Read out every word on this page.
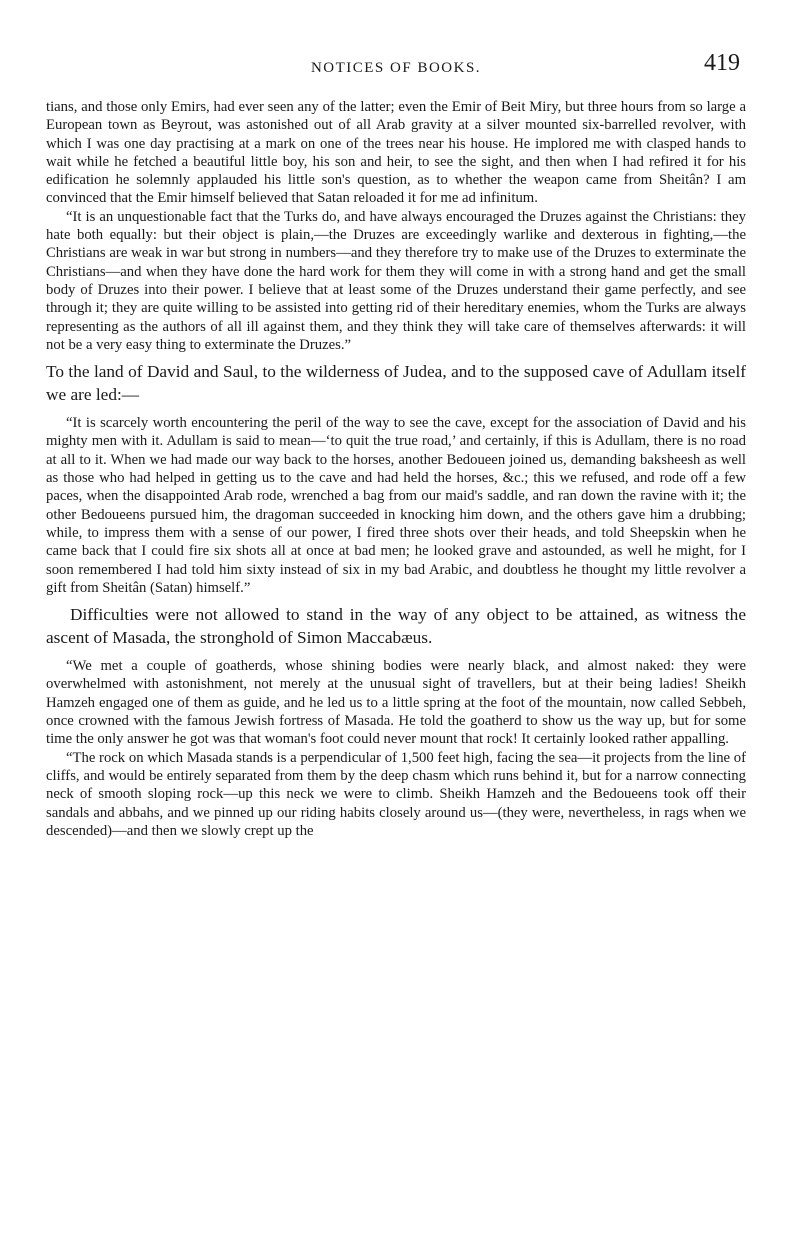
NOTICES OF BOOKS.	419

tians, and those only Emirs, had ever seen any of the latter; even the Emir of Beit Miry, but three hours from so large a European town as Beyrout, was astonished out of all Arab gravity at a silver mounted six-barrelled revolver, with which I was one day practising at a mark on one of the trees near his house. He implored me with clasped hands to wait while he fetched a beautiful little boy, his son and heir, to see the sight, and then when I had refired it for his edification he solemnly applauded his little son's question, as to whether the weapon came from Sheitân? I am convinced that the Emir himself believed that Satan reloaded it for me ad infinitum.

“It is an unquestionable fact that the Turks do, and have always encouraged the Druzes against the Christians: they hate both equally: but their object is plain,—the Druzes are exceedingly warlike and dexterous in fighting,—the Christians are weak in war but strong in numbers—and they therefore try to make use of the Druzes to exterminate the Christians—and when they have done the hard work for them they will come in with a strong hand and get the small body of Druzes into their power. I believe that at least some of the Druzes understand their game perfectly, and see through it; they are quite willing to be assisted into getting rid of their hereditary enemies, whom the Turks are always representing as the authors of all ill against them, and they think they will take care of themselves afterwards: it will not be a very easy thing to exterminate the Druzes.”

To the land of David and Saul, to the wilderness of Judea, and to the supposed cave of Adullam itself we are led:—

“It is scarcely worth encountering the peril of the way to see the cave, except for the association of David and his mighty men with it. Adullam is said to mean—‘to quit the true road,’ and certainly, if this is Adullam, there is no road at all to it. When we had made our way back to the horses, another Bedoueen joined us, demanding baksheesh as well as those who had helped in getting us to the cave and had held the horses, &c.; this we refused, and rode off a few paces, when the disappointed Arab rode, wrenched a bag from our maid's saddle, and ran down the ravine with it; the other Bedoueens pursued him, the dragoman succeeded in knocking him down, and the others gave him a drubbing; while, to impress them with a sense of our power, I fired three shots over their heads, and told Sheepskin when he came back that I could fire six shots all at once at bad men; he looked grave and astounded, as well he might, for I soon remembered I had told him sixty instead of six in my bad Arabic, and doubtless he thought my little revolver a gift from Sheitân (Satan) himself.”

Difficulties were not allowed to stand in the way of any object to be attained, as witness the ascent of Masada, the stronghold of Simon Maccabæus.

“We met a couple of goatherds, whose shining bodies were nearly black, and almost naked: they were overwhelmed with astonishment, not merely at the unusual sight of travellers, but at their being ladies! Sheikh Hamzeh engaged one of them as guide, and he led us to a little spring at the foot of the mountain, now called Sebbeh, once crowned with the famous Jewish fortress of Masada. He told the goatherd to show us the way up, but for some time the only answer he got was that woman's foot could never mount that rock! It certainly looked rather appalling.

“The rock on which Masada stands is a perpendicular of 1,500 feet high, facing the sea—it projects from the line of cliffs, and would be entirely separated from them by the deep chasm which runs behind it, but for a narrow connecting neck of smooth sloping rock—up this neck we were to climb. Sheikh Hamzeh and the Bedoueens took off their sandals and abbahs, and we pinned up our riding habits closely around us—(they were, nevertheless, in rags when we descended)—and then we slowly crept up the
